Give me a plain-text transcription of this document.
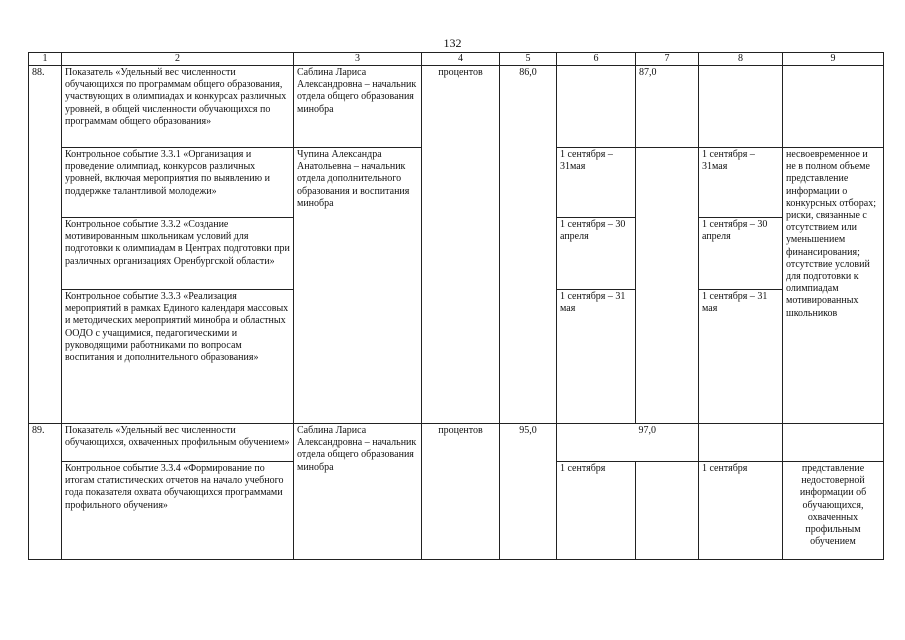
132
1	2	3	4	5	6	7	8	9
88.	Показатель «Удельный вес численности обучающихся по программам общего образования, участвующих в олимпиадах и конкурсах различных уровней, в общей численности обучающихся по программам общего образования»	Саблина Лариса Александровна – начальник отдела общего образования минобра	процентов	86,0		87,0		
	Контрольное событие 3.3.1 «Организация и проведение олимпиад, конкурсов различных уровней, включая мероприятия по выявлению и поддержке талантливой молодежи»	Чупина Александра Анатольевна – начальник отдела дополнительного образования и воспитания минобра			1 сентября – 31мая		1 сентября – 31мая	несвоевременное и не в полном объеме представление информации о конкурсных отборах; риски, связанные с отсутствием или уменьшением финансирования; отсутствие условий для подготовки к олимпиадам мотивированных школьников
	Контрольное событие 3.3.2 «Создание мотивированным школьникам условий для подготовки к олимпиадам в Центрах подготовки при различных организациях Оренбургской области»				1 сентября – 30 апреля		1 сентября – 30 апреля	
	Контрольное событие 3.3.3 «Реализация мероприятий в рамках Единого календаря массовых и методических мероприятий минобра и областных ООДО с учащимися, педагогическими и руководящими работниками по вопросам воспитания и дополнительного образования»				1 сентября – 31 мая		1 сентября – 31 мая	
89.	Показатель «Удельный вес численности обучающихся, охваченных профильным обучением»	Саблина Лариса Александровна – начальник отдела общего образования минобра	процентов	95,0		97,0		
	Контрольное событие 3.3.4 «Формирование по итогам статистических отчетов на начало учебного года показателя охвата обучающихся программами профильного обучения»				1 сентября		1 сентября	представление недостоверной информации об обучающихся, охваченных профильным обучением
